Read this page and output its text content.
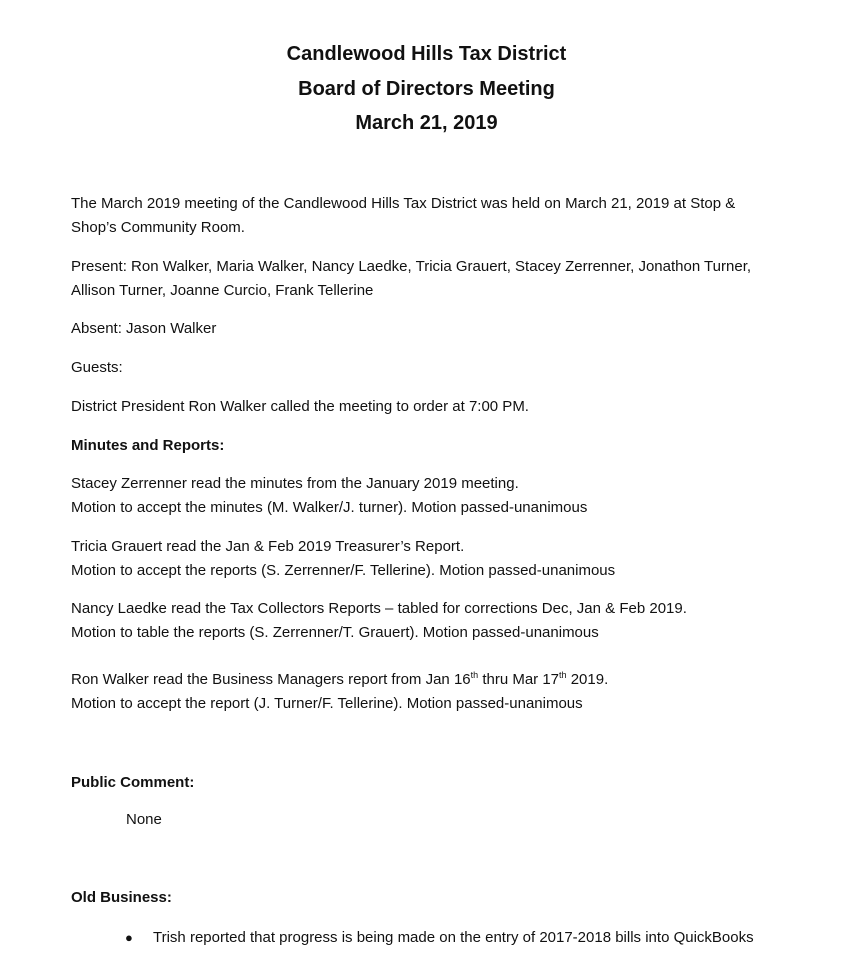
Candlewood Hills Tax District
Board of Directors Meeting
March 21, 2019
The March 2019 meeting of the Candlewood Hills Tax District was held on March 21, 2019 at Stop &
Shop’s Community Room.
Present: Ron Walker, Maria Walker, Nancy Laedke, Tricia Grauert, Stacey Zerrenner, Jonathon Turner,
Allison Turner, Joanne Curcio, Frank Tellerine
Absent: Jason Walker
Guests:
District President Ron Walker called the meeting to order at 7:00 PM.
Minutes and Reports:
Stacey Zerrenner read the minutes from the January 2019 meeting.
Motion to accept the minutes (M. Walker/J. turner). Motion passed-unanimous
Tricia Grauert read the Jan & Feb 2019 Treasurer’s Report.
Motion to accept the reports (S. Zerrenner/F. Tellerine). Motion passed-unanimous
Nancy Laedke read the Tax Collectors Reports – tabled for corrections Dec, Jan & Feb 2019.
Motion to table the reports (S. Zerrenner/T. Grauert). Motion passed-unanimous
Ron Walker read the Business Managers report from Jan 16th thru Mar 17th 2019.
Motion to accept the report (J. Turner/F. Tellerine). Motion passed-unanimous
Public Comment:
None
Old Business:
● Trish reported that progress is being made on the entry of 2017-2018 bills into QuickBooks
